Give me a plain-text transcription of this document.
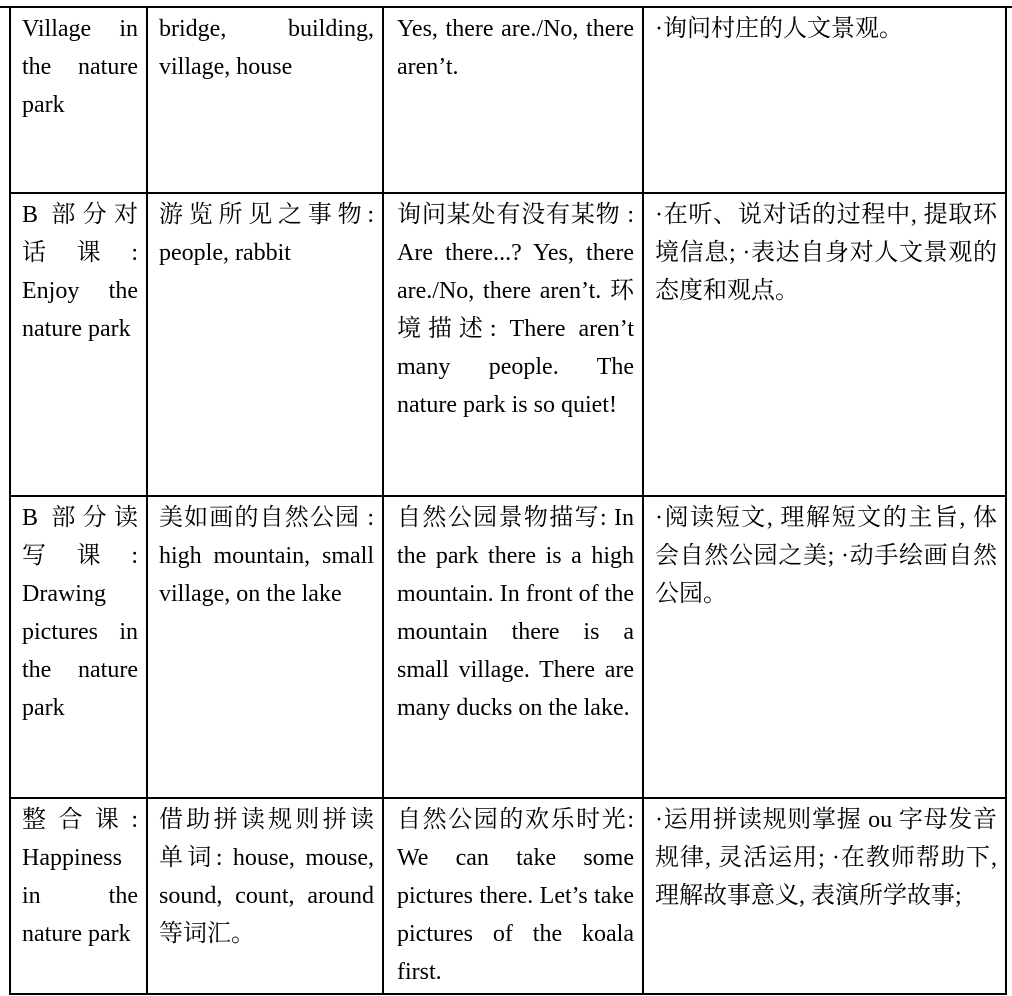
Village in the nature park	bridge, building, village, house	Yes, there are./No, there aren’t.	·询问村庄的人文景观。
B 部分对话课: Enjoy the nature park	游览所见之事物: people, rabbit	询问某处有没有某物 : Are there...? Yes, there are./No, there aren’t. 环境描述: There aren’t many people. The nature park is so quiet!	·在听、说对话的过程中, 提取环境信息; ·表达自身对人文景观的态度和观点。
B 部分读写课: Drawing pictures in the nature park	美如画的自然公园 : high mountain, small village, on the lake	自然公园景物描写: In the park there is a high mountain. In front of the mountain there is a small village. There are many ducks on the lake.	·阅读短文, 理解短文的主旨, 体会自然公园之美; ·动手绘画自然公园。
整合课: Happiness in the nature park	借助拼读规则拼读单词: house, mouse, sound, count, around 等词汇。	自然公园的欢乐时光: We can take some pictures there. Let’s take pictures of the koala first.	·运用拼读规则掌握 ou 字母发音规律, 灵活运用; ·在教师帮助下, 理解故事意义, 表演所学故事;
